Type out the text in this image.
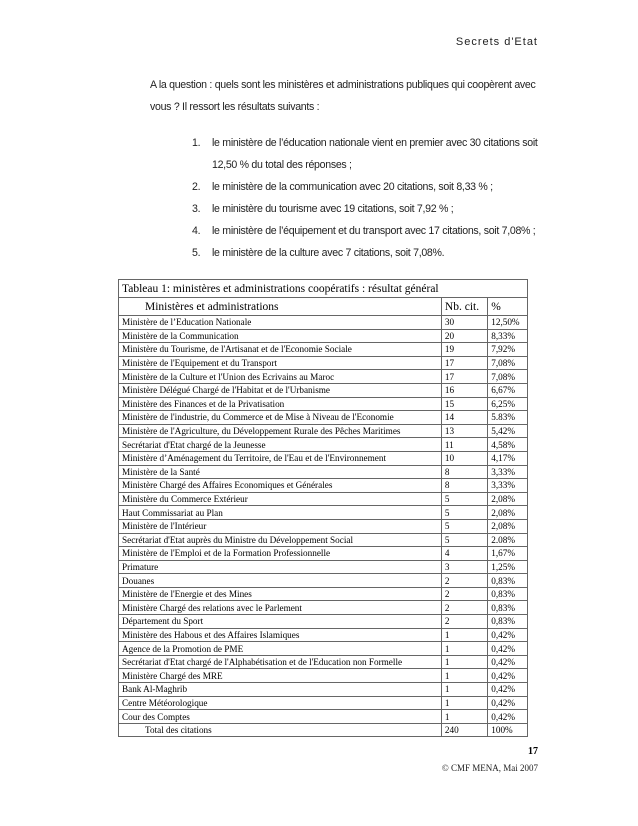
Secrets d'Etat
A la question : quels sont les ministères et administrations publiques qui coopèrent avec
vous ? Il ressort les résultats suivants :
1. le ministère de l’éducation nationale vient en premier avec 30 citations soit
12,50 % du total des réponses ;
2. le ministère de la communication avec 20 citations, soit 8,33 % ;
3. le ministère du tourisme avec 19 citations, soit 7,92 % ;
4. le ministère de l’équipement et du transport avec 17 citations, soit 7,08% ;
5. le ministère de la culture avec 7 citations, soit 7,08%.
Tableau 1: ministères et administrations coopératifs : résultat général		
Ministères et administrations	Nb. cit.	%
Ministère de l’Education Nationale	30	12,50%
Ministère de la Communication	20	8,33%
Ministère du Tourisme, de l'Artisanat et de l'Economie Sociale	19	7,92%
Ministère de l'Equipement et du Transport	17	7,08%
Ministère de la Culture et l'Union des Ecrivains au Maroc	17	7,08%
Ministère Délégué Chargé de l'Habitat et de l'Urbanisme	16	6,67%
Ministère des Finances et de la Privatisation	15	6,25%
Ministère de l'industrie, du Commerce et de Mise à Niveau de l'Economie	14	5.83%
Ministère de l'Agriculture, du Développement Rurale des Pêches Maritimes	13	5,42%
Secrétariat d'Etat chargé de la Jeunesse	11	4,58%
Ministère d’Aménagement du Territoire, de l'Eau et de l'Environnement	10	4,17%
Ministère de la Santé	8	3,33%
Ministère Chargé des Affaires Economiques et Générales	8	3,33%
Ministère du Commerce Extérieur	5	2,08%
Haut Commissariat au Plan	5	2,08%
Ministère de l'Intérieur	5	2,08%
Secrétariat d'Etat auprès du Ministre du Développement Social	5	2.08%
Ministère de l'Emploi et de la Formation Professionnelle	4	1,67%
Primature	3	1,25%
Douanes	2	0,83%
Ministère de l'Energie et des Mines	2	0,83%
Ministère Chargé des relations avec le Parlement	2	0,83%
Département du Sport	2	0,83%
Ministère des Habous et des Affaires Islamiques	1	0,42%
Agence de la Promotion de PME	1	0,42%
Secrétariat d'Etat chargé de l'Alphabétisation et de l'Education non Formelle	1	0,42%
Ministère Chargé des MRE	1	0,42%
Bank Al-Maghrib	1	0,42%
Centre Météorologique	1	0,42%
Cour des Comptes	1	0,42%
Total des citations	240	100%
17
© CMF MENA, Mai 2007
